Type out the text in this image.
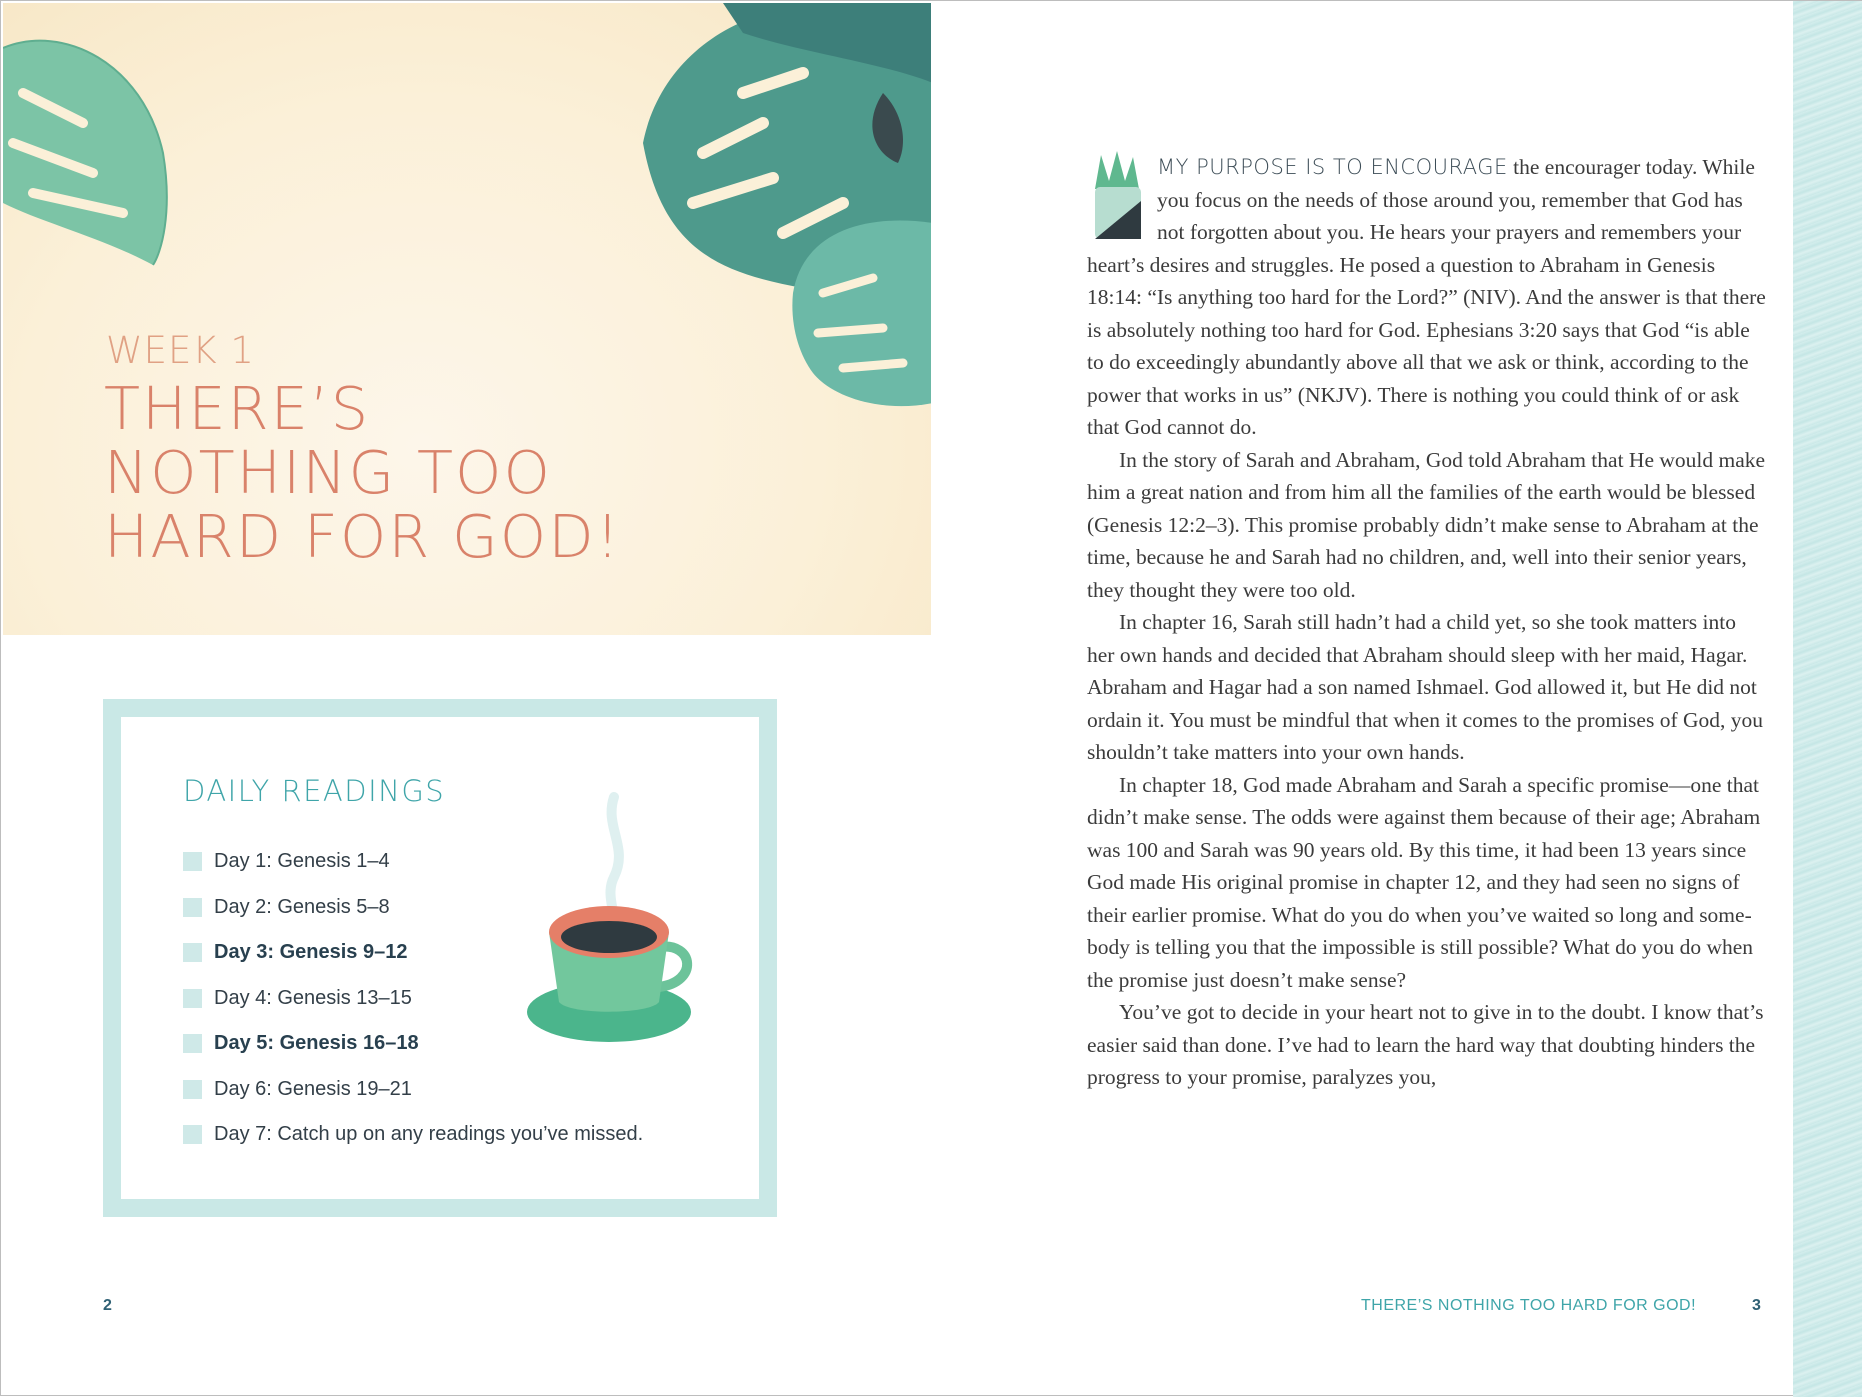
WEEK 1
THERE’S
NOTHING TOO
HARD FOR GOD!
DAILY READINGS
Day 1: Genesis 1–4
Day 2: Genesis 5–8
Day 3: Genesis 9–12
Day 4: Genesis 13–15
Day 5: Genesis 16–18
Day 6: Genesis 19–21
Day 7: Catch up on any readings you’ve missed.
2

MY PURPOSE IS TO ENCOURAGE the encourager today. While you focus on the needs of those around you, remember that God has not forgotten about you. He hears your prayers and remembers your heart’s desires and struggles. He posed a question to Abraham in Genesis 18:14: “Is anything too hard for the Lord?” (NIV). And the answer is that there is absolutely nothing too hard for God. Ephesians 3:20 says that God “is able to do exceedingly abundantly above all that we ask or think, according to the power that works in us” (NKJV). There is nothing you could think of or ask that God cannot do.

In the story of Sarah and Abraham, God told Abraham that He would make him a great nation and from him all the families of the earth would be blessed (Genesis 12:2–3). This promise probably didn’t make sense to Abraham at the time, because he and Sarah had no children, and, well into their senior years, they thought they were too old.

In chapter 16, Sarah still hadn’t had a child yet, so she took matters into her own hands and decided that Abraham should sleep with her maid, Hagar. Abraham and Hagar had a son named Ishmael. God allowed it, but He did not ordain it. You must be mindful that when it comes to the promises of God, you shouldn’t take matters into your own hands.

In chapter 18, God made Abraham and Sarah a specific promise—one that didn’t make sense. The odds were against them because of their age; Abraham was 100 and Sarah was 90 years old. By this time, it had been 13 years since God made His original promise in chapter 12, and they had seen no signs of their earlier promise. What do you do when you’ve waited so long and some-body is telling you that the impossible is still possible? What do you do when the promise just doesn’t make sense?

You’ve got to decide in your heart not to give in to the doubt. I know that’s easier said than done. I’ve had to learn the hard way that doubting hinders the progress to your promise, paralyzes you,

THERE’S NOTHING TOO HARD FOR GOD!	3
